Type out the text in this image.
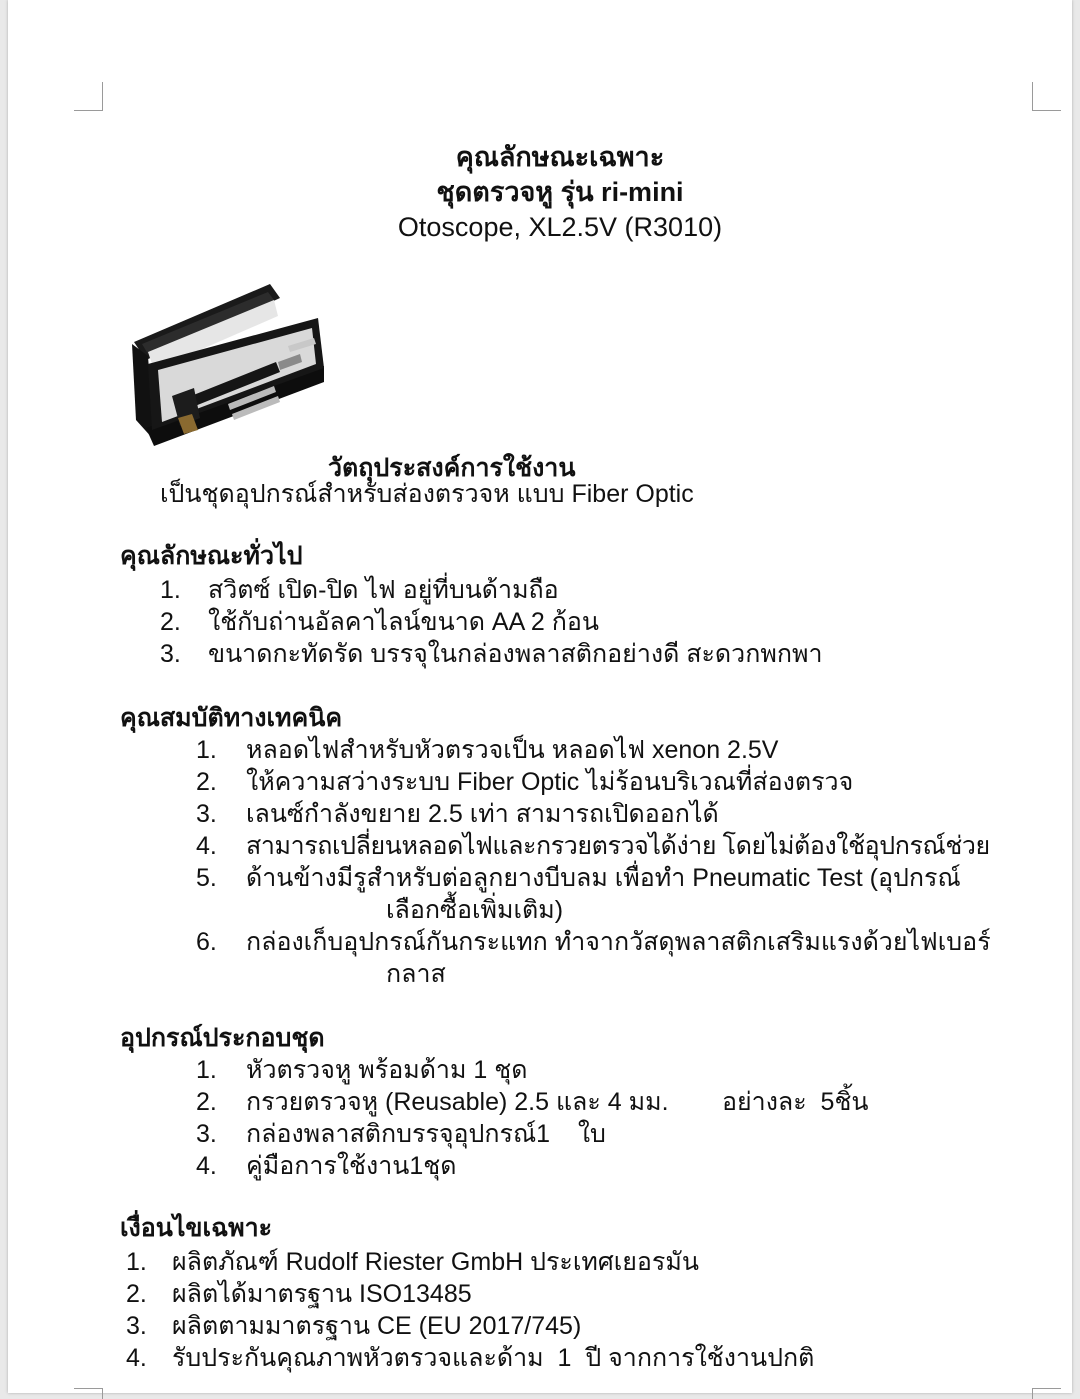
คุณลักษณะเฉพาะ
ชุดตรวจหู รุ่น ri-mini
Otoscope, XL2.5V (R3010)
วัตถุประสงค์การใช้งาน
เป็นชุดอุปกรณ์สำหรับส่องตรวจห แบบ Fiber Optic
คุณลักษณะทั่วไป
1. สวิตซ์ เปิด-ปิด ไฟ อยู่ที่บนด้ามถือ
2. ใช้กับถ่านอัลคาไลน์ขนาด AA 2 ก้อน
3. ขนาดกะทัดรัด บรรจุในกล่องพลาสติกอย่างดี สะดวกพกพา
คุณสมบัติทางเทคนิค
1. หลอดไฟสำหรับหัวตรวจเป็น หลอดไฟ xenon 2.5V
2. ให้ความสว่างระบบ Fiber Optic ไม่ร้อนบริเวณที่ส่องตรวจ
3. เลนซ์กำลังขยาย 2.5 เท่า สามารถเปิดออกได้
4. สามารถเปลี่ยนหลอดไฟและกรวยตรวจได้ง่าย โดยไม่ต้องใช้อุปกรณ์ช่วย
5. ด้านข้างมีรูสำหรับต่อลูกยางบีบลม เพื่อทำ Pneumatic Test (อุปกรณ์
เลือกซื้อเพิ่มเติม)
6. กล่องเก็บอุปกรณ์กันกระแทก ทำจากวัสดุพลาสติกเสริมแรงด้วยไฟเบอร์
กลาส
อุปกรณ์ประกอบชุด
1. หัวตรวจหู พร้อมด้าม 1 ชุด
2. กรวยตรวจหู (Reusable) 2.5 และ 4 มม. อย่างละ  5ชิ้น
3. กล่องพลาสติกบรรจุอุปกรณ์1    ใบ
4. คู่มือการใช้งาน1ชุด
เงื่อนไขเฉพาะ
1. ผลิตภัณฑ์ Rudolf Riester GmbH ประเทศเยอรมัน
2. ผลิตได้มาตรฐาน ISO13485
3. ผลิตตามมาตรฐาน CE (EU 2017/745)
4. รับประกันคุณภาพหัวตรวจและด้าม  1  ปี จากการใช้งานปกติ
